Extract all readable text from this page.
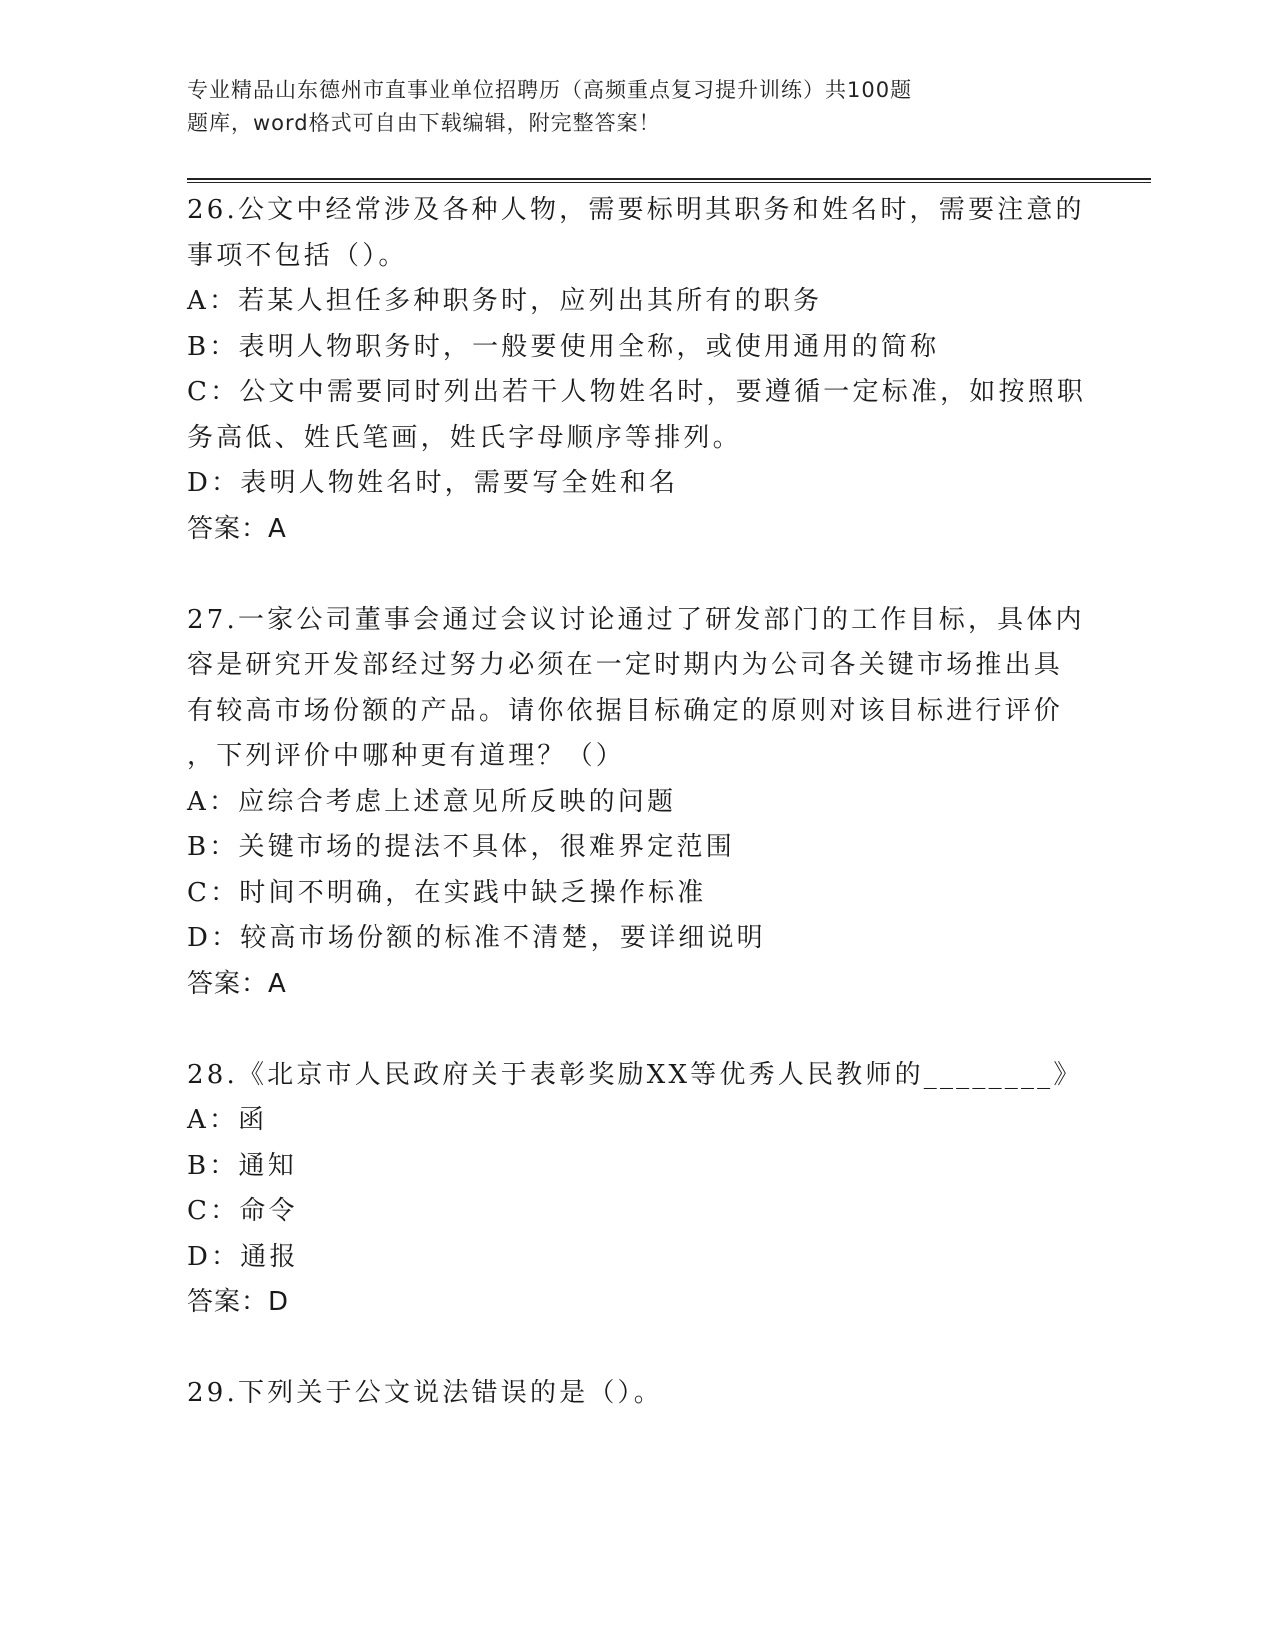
专业精品山东德州市直事业单位招聘历（高频重点复习提升训练）共100题
题库，word格式可自由下载编辑，附完整答案！

26.公文中经常涉及各种人物，需要标明其职务和姓名时，需要注意的

事项不包括（）。

A：若某人担任多种职务时，应列出其所有的职务

B：表明人物职务时，一般要使用全称，或使用通用的简称

C：公文中需要同时列出若干人物姓名时，要遵循一定标准，如按照职

务高低、姓氏笔画，姓氏字母顺序等排列。

D：表明人物姓名时，需要写全姓和名

答案：A

27.一家公司董事会通过会议讨论通过了研发部门的工作目标，具体内

容是研究开发部经过努力必须在一定时期内为公司各关键市场推出具

有较高市场份额的产品。请你依据目标确定的原则对该目标进行评价

，下列评价中哪种更有道理？（）

A：应综合考虑上述意见所反映的问题

B：关键市场的提法不具体，很难界定范围

C：时间不明确，在实践中缺乏操作标准

D：较高市场份额的标准不清楚，要详细说明

答案：A

28.《北京市人民政府关于表彰奖励XX等优秀人民教师的________》

A：函

B：通知

C：命令

D：通报

答案：D

29.下列关于公文说法错误的是（）。
